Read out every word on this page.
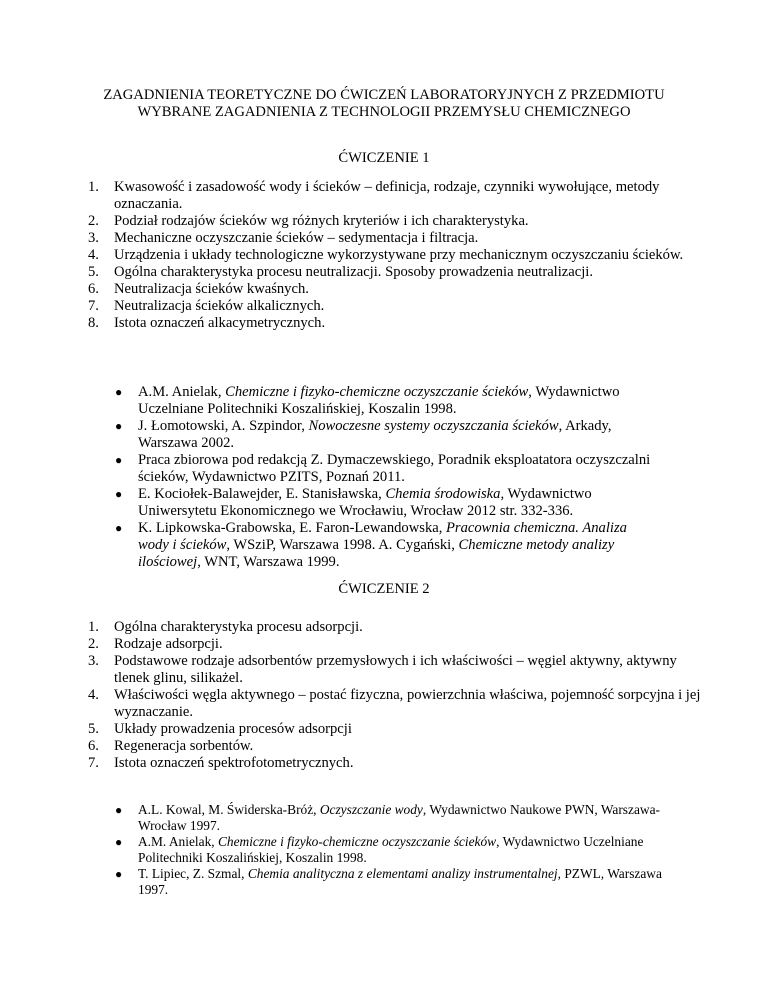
ZAGADNIENIA TEORETYCZNE DO ĆWICZEŃ LABORATORYJNYCH Z PRZEDMIOTU
WYBRANE ZAGADNIENIA Z TECHNOLOGII PRZEMYSŁU CHEMICZNEGO
ĆWICZENIE 1
1. Kwasowość i zasadowość wody i ścieków – definicja, rodzaje, czynniki wywołujące, metody oznaczania.
2. Podział rodzajów ścieków wg różnych kryteriów i ich charakterystyka.
3. Mechaniczne oczyszczanie ścieków – sedymentacja i filtracja.
4. Urządzenia i układy technologiczne wykorzystywane przy mechanicznym oczyszczaniu ścieków.
5. Ogólna charakterystyka procesu neutralizacji. Sposoby prowadzenia neutralizacji.
6. Neutralizacja ścieków kwaśnych.
7. Neutralizacja ścieków alkalicznych.
8. Istota oznaczeń alkacymetrycznych.
● A.M. Anielak, Chemiczne i fizyko-chemiczne oczyszczanie ścieków, Wydawnictwo Uczelniane Politechniki Koszalińskiej, Koszalin 1998.
● J. Łomotowski, A. Szpindor, Nowoczesne systemy oczyszczania ścieków, Arkady, Warszawa 2002.
● Praca zbiorowa pod redakcją Z. Dymaczewskiego, Poradnik eksploatatora oczyszczalni ścieków, Wydawnictwo PZITS, Poznań 2011.
● E. Kociołek-Balawejder, E. Stanisławska, Chemia środowiska, Wydawnictwo Uniwersytetu Ekonomicznego we Wrocławiu, Wrocław 2012 str. 332-336.
● K. Lipkowska-Grabowska, E. Faron-Lewandowska, Pracownia chemiczna. Analiza wody i ścieków, WSziP, Warszawa 1998. A. Cygański, Chemiczne metody analizy ilościowej, WNT, Warszawa 1999.
ĆWICZENIE 2
1. Ogólna charakterystyka procesu adsorpcji.
2. Rodzaje adsorpcji.
3. Podstawowe rodzaje adsorbentów przemysłowych i ich właściwości – węgiel aktywny, aktywny tlenek glinu, silikażel.
4. Właściwości węgla aktywnego – postać fizyczna, powierzchnia właściwa, pojemność sorpcyjna i jej wyznaczanie.
5. Układy prowadzenia procesów adsorpcji
6. Regeneracja sorbentów.
7. Istota oznaczeń spektrofotometrycznych.
● A.L. Kowal, M. Świderska-Bróż, Oczyszczanie wody, Wydawnictwo Naukowe PWN, Warszawa-Wrocław 1997.
● A.M. Anielak, Chemiczne i fizyko-chemiczne oczyszczanie ścieków, Wydawnictwo Uczelniane Politechniki Koszalińskiej, Koszalin 1998.
● T. Lipiec, Z. Szmal, Chemia analityczna z elementami analizy instrumentalnej, PZWL, Warszawa 1997.
